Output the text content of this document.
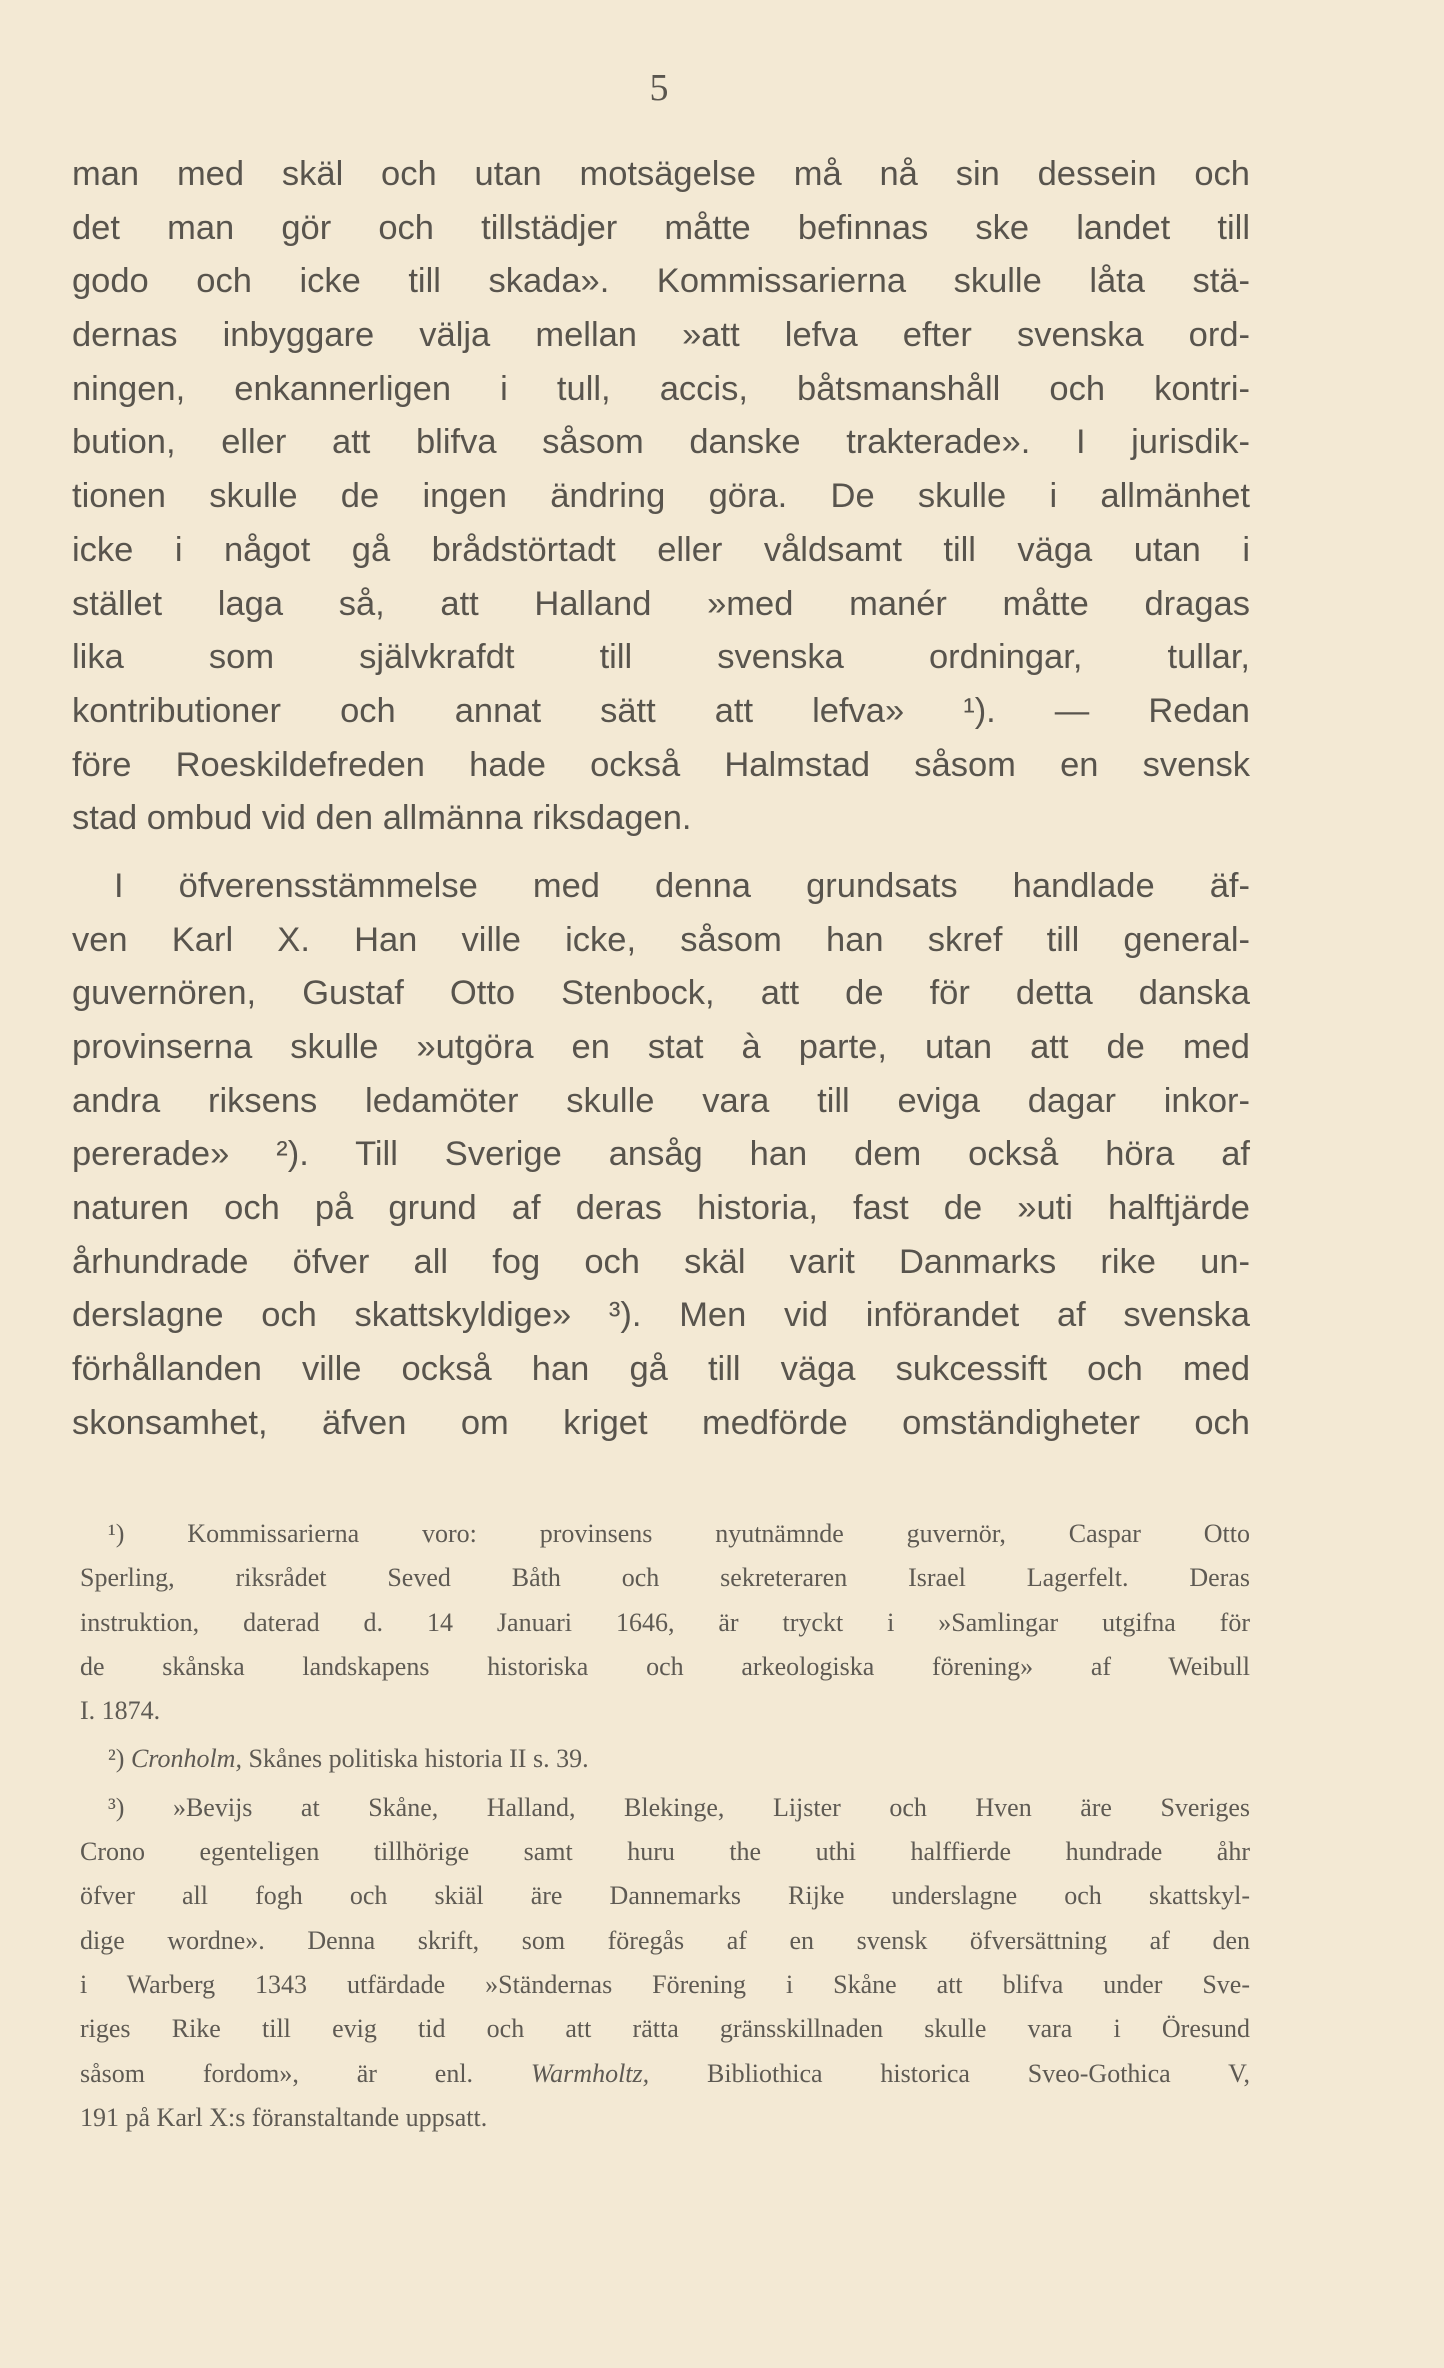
5
man med skäl och utan motsägelse må nå sin dessein och
det man gör och tillstädjer måtte befinnas ske landet till
godo och icke till skada». Kommissarierna skulle låta stä-
dernas inbyggare välja mellan »att lefva efter svenska ord-
ningen, enkannerligen i tull, accis, båtsmanshåll och kontri-
bution, eller att blifva såsom danske trakterade». I jurisdik-
tionen skulle de ingen ändring göra. De skulle i allmänhet
icke i något gå brådstörtadt eller våldsamt till väga utan i
stället laga så, att Halland »med manér måtte dragas
lika som självkrafdt till svenska ordningar, tullar,
kontributioner och annat sätt att lefva» ¹). — Redan
före Roeskildefreden hade också Halmstad såsom en svensk
stad ombud vid den allmänna riksdagen.
I öfverensstämmelse med denna grundsats handlade äf-
ven Karl X. Han ville icke, såsom han skref till general-
guvernören, Gustaf Otto Stenbock, att de för detta danska
provinserna skulle »utgöra en stat à parte, utan att de med
andra riksens ledamöter skulle vara till eviga dagar inkor-
pererade» ²). Till Sverige ansåg han dem också höra af
naturen och på grund af deras historia, fast de »uti halftjärde
århundrade öfver all fog och skäl varit Danmarks rike un-
derslagne och skattskyldige» ³). Men vid införandet af svenska
förhållanden ville också han gå till väga sukcessift och med
skonsamhet, äfven om kriget medförde omständigheter och
¹) Kommissarierna voro: provinsens nyutnämnde guvernör, Caspar Otto
Sperling, riksrådet Seved Båth och sekreteraren Israel Lagerfelt. Deras
instruktion, daterad d. 14 Januari 1646, är tryckt i »Samlingar utgifna för
de skånska landskapens historiska och arkeologiska förening» af Weibull
I. 1874.
²) Cronholm, Skånes politiska historia II s. 39.
³) »Bevijs at Skåne, Halland, Blekinge, Lijster och Hven äre Sveriges
Crono egenteligen tillhörige samt huru the uthi halffierde hundrade åhr
öfver all fogh och skiäl äre Dannemarks Rijke underslagne och skattskyl-
dige wordne». Denna skrift, som föregås af en svensk öfversättning af den
i Warberg 1343 utfärdade »Ständernas Förening i Skåne att blifva under Sve-
riges Rike till evig tid och att rätta gränsskillnaden skulle vara i Öresund
såsom fordom», är enl. Warmholtz, Bibliothica historica Sveo-Gothica V,
191 på Karl X:s föranstaltande uppsatt.
